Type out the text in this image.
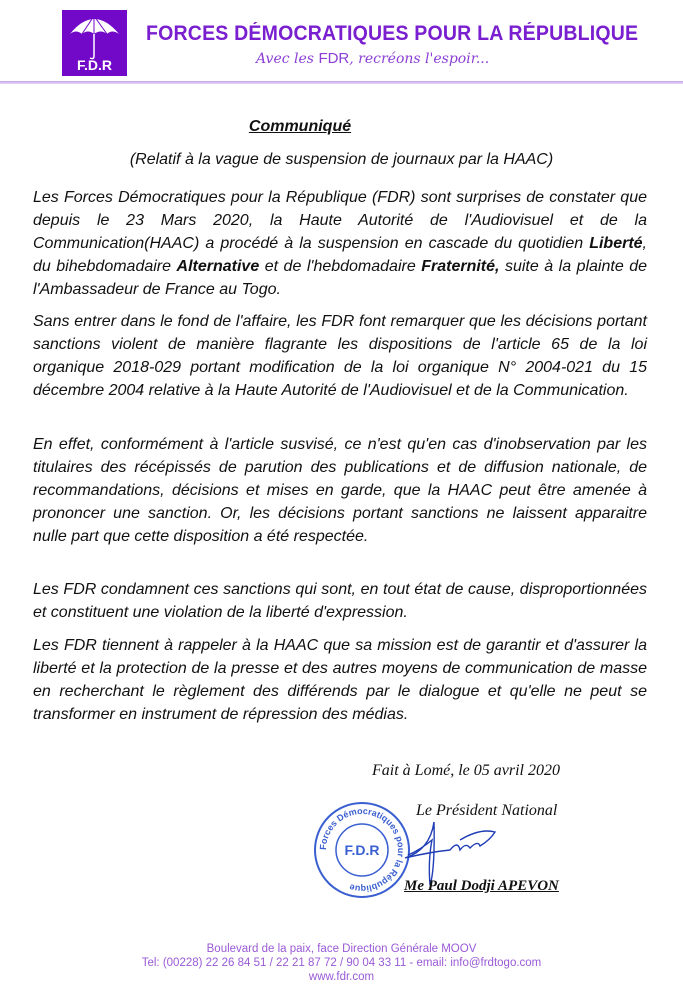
F.D.R
FORCES DÉMOCRATIQUES POUR LA RÉPUBLIQUE
Avec les FDR, recréons l'espoir...
Communiqué
(Relatif à la vague de suspension de journaux par la HAAC)
Les Forces Démocratiques pour la République (FDR) sont surprises de constater que depuis le 23 Mars 2020, la Haute Autorité de l'Audiovisuel et de la Communication(HAAC) a procédé à la suspension en cascade du quotidien Liberté, du bihebdomadaire Alternative et de l'hebdomadaire Fraternité, suite à la plainte de l'Ambassadeur de France au Togo.
Sans entrer dans le fond de l'affaire, les FDR font remarquer que les décisions portant sanctions violent de manière flagrante les dispositions de l'article 65 de la loi organique 2018-029 portant modification de la loi organique N° 2004-021 du 15 décembre 2004 relative à la Haute Autorité de l'Audiovisuel et de la Communication.
En effet, conformément à l'article susvisé, ce n'est qu'en cas d'inobservation par les titulaires des récépissés de parution des publications et de diffusion nationale, de recommandations, décisions et mises en garde, que la HAAC peut être amenée à prononcer une sanction. Or, les décisions portant sanctions ne laissent apparaitre nulle part que cette disposition a été respectée.
Les FDR condamnent ces sanctions qui sont, en tout état de cause, disproportionnées et constituent une violation de la liberté d'expression.
Les FDR tiennent à rappeler à la HAAC que sa mission est de garantir et d'assurer la liberté et la protection de la presse et des autres moyens de communication de masse en recherchant le règlement des différends par le dialogue et qu'elle ne peut se transformer en instrument de répression des médias.
Fait à Lomé, le 05 avril 2020
Forces Démocratiques pour la République
F.D.R
Le Président National
Me Paul Dodji APEVON
Boulevard de la paix, face Direction Générale MOOV
Tel: (00228) 22 26 84 51 / 22 21 87 72 / 90 04 33 11 - email: info@frdtogo.com
www.fdr.com
